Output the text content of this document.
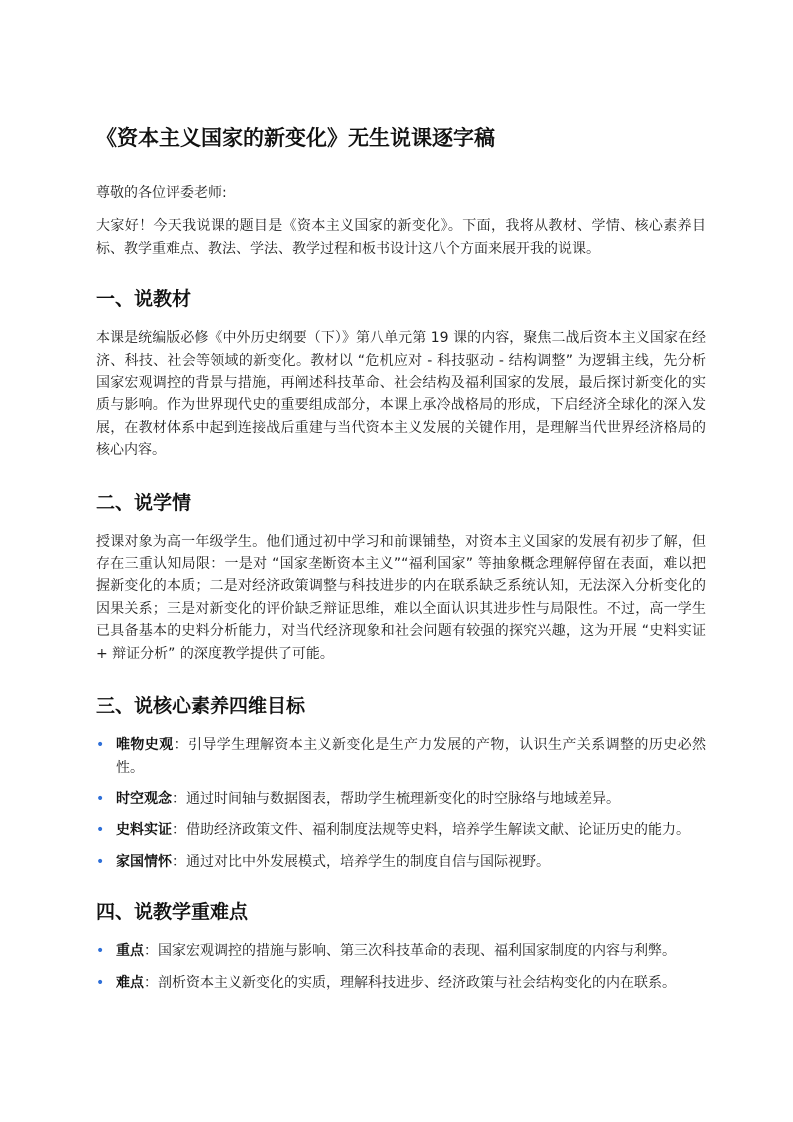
《资本主义国家的新变化》无生说课逐字稿

尊敬的各位评委老师:

大家好！今天我说课的题目是《资本主义国家的新变化》。下面，我将从教材、学情、核心素养目标、教学重难点、教法、学法、教学过程和板书设计这八个方面来展开我的说课。

一、说教材

本课是统编版必修《中外历史纲要（下）》第八单元第 19 课的内容，聚焦二战后资本主义国家在经济、科技、社会等领域的新变化。教材以 “危机应对 - 科技驱动 - 结构调整” 为逻辑主线，先分析国家宏观调控的背景与措施，再阐述科技革命、社会结构及福利国家的发展，最后探讨新变化的实质与影响。作为世界现代史的重要组成部分，本课上承冷战格局的形成，下启经济全球化的深入发展，在教材体系中起到连接战后重建与当代资本主义发展的关键作用，是理解当代世界经济格局的核心内容。

二、说学情

授课对象为高一年级学生。他们通过初中学习和前课铺垫，对资本主义国家的发展有初步了解，但存在三重认知局限：一是对 “国家垄断资本主义”“福利国家” 等抽象概念理解停留在表面，难以把握新变化的本质；二是对经济政策调整与科技进步的内在联系缺乏系统认知，无法深入分析变化的因果关系；三是对新变化的评价缺乏辩证思维，难以全面认识其进步性与局限性。不过，高一学生已具备基本的史料分析能力，对当代经济现象和社会问题有较强的探究兴趣，这为开展 “史料实证 + 辩证分析” 的深度教学提供了可能。

三、说核心素养四维目标
• 唯物史观：引导学生理解资本主义新变化是生产力发展的产物，认识生产关系调整的历史必然性。
• 时空观念：通过时间轴与数据图表，帮助学生梳理新变化的时空脉络与地域差异。
• 史料实证：借助经济政策文件、福利制度法规等史料，培养学生解读文献、论证历史的能力。
• 家国情怀：通过对比中外发展模式，培养学生的制度自信与国际视野。
四、说教学重难点
• 重点：国家宏观调控的措施与影响、第三次科技革命的表现、福利国家制度的内容与利弊。
• 难点：剖析资本主义新变化的实质，理解科技进步、经济政策与社会结构变化的内在联系。
